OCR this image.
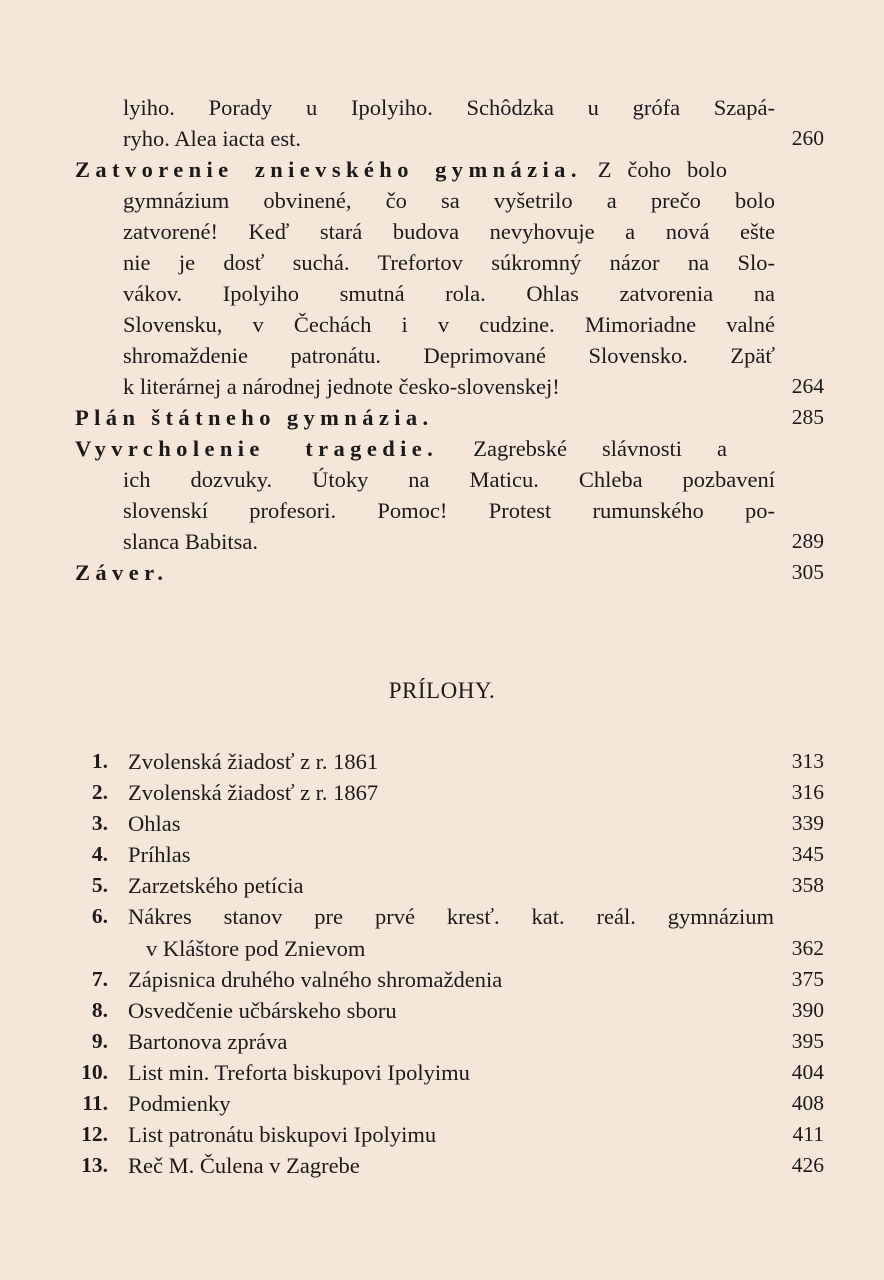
lyiho. Porady u Ipolyiho. Schôdzka u grófa Szapá-
ryho. Alea iacta est.	260
Zatvorenie znievského gymnázia. Z čoho bolo
gymnázium obvinené, čo sa vyšetrilo a prečo bolo
zatvorené! Keď stará budova nevyhovuje a nová ešte
nie je dosť suchá. Trefortov súkromný názor na Slo-
vákov. Ipolyiho smutná rola. Ohlas zatvorenia na
Slovensku, v Čechách i v cudzine. Mimoriadne valné
shromaždenie patronátu. Deprimované Slovensko. Zpäť
k literárnej a národnej jednote česko-slovenskej!	264
Plán štátneho gymnázia.	285
Vyvrcholenie tragedie. Zagrebské slávnosti a
ich dozvuky. Útoky na Maticu. Chleba pozbavení
slovenskí profesori. Pomoc! Protest rumunského po-
slanca Babitsa.	289
Záver.	305
PRÍLOHY.
1. Zvolenská žiadosť z r. 1861	313
2. Zvolenská žiadosť z r. 1867	316
3. Ohlas	339
4. Príhlas	345
5. Zarzetského petícia	358
6. Nákres stanov pre prvé kresť. kat. reál. gymnázium
v Kláštore pod Znievom	362
7. Zápisnica druhého valného shromaždenia	375
8. Osvedčenie učbárskeho sboru	390
9. Bartonova zpráva	395
10. List min. Treforta biskupovi Ipolyimu	404
11. Podmienky	408
12. List patronátu biskupovi Ipolyimu	411
13. Reč M. Čulena v Zagrebe	426
